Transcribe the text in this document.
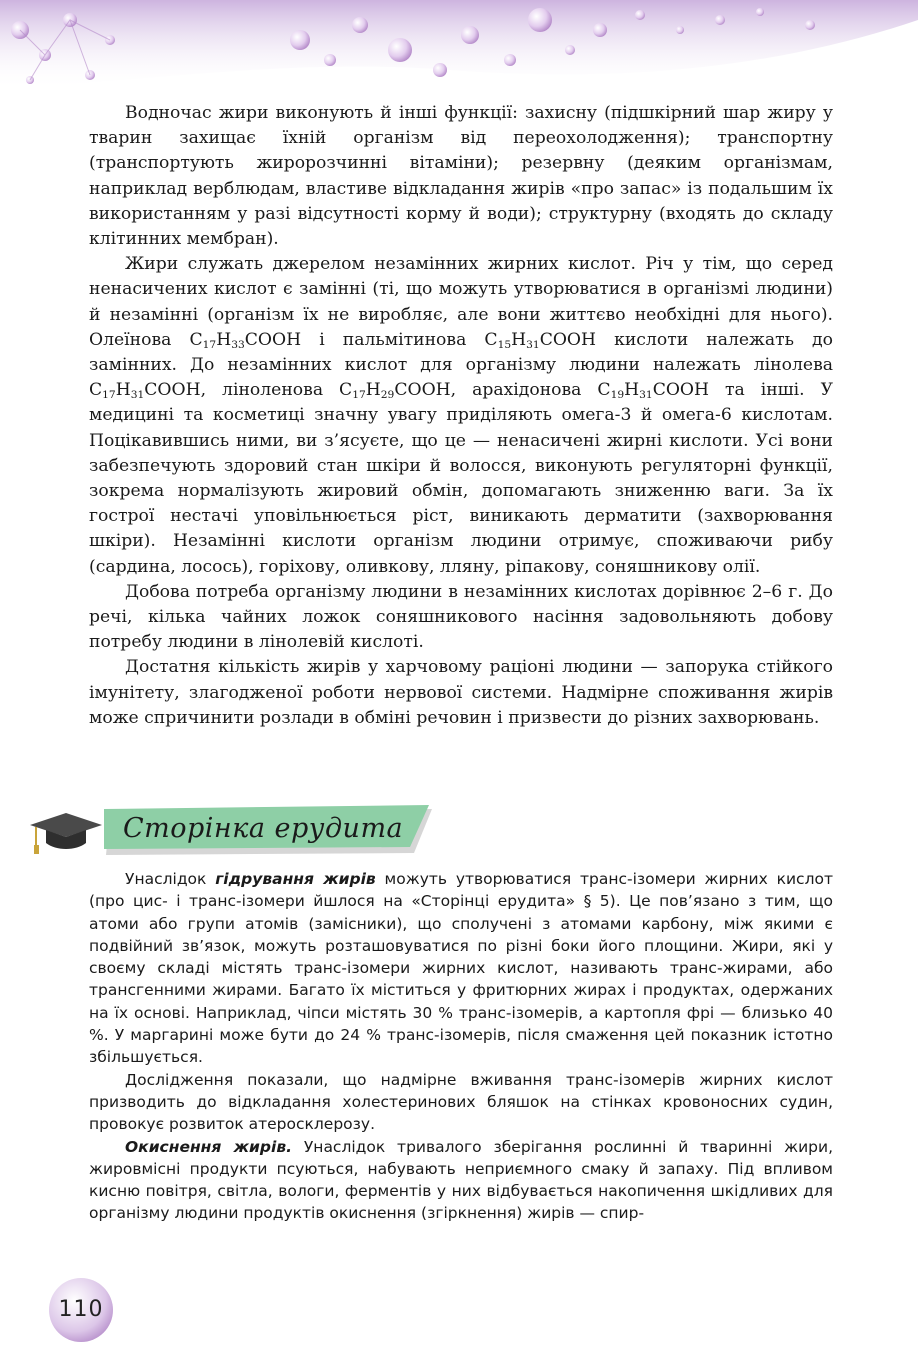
Водночас жири виконують й інші функції: захисну (підшкірний шар жиру у тварин захищає їхній організм від переохолодження); транспортну (транспортують жиророзчинні вітаміни); резервну (деяким організмам, наприклад верблюдам, властиве відкладання жирів «про запас» із подальшим їх використанням у разі відсутності корму й води); структурну (входять до складу клітинних мембран).

Жири служать джерелом незамінних жирних кислот. Річ у тім, що серед ненасичених кислот є замінні (ті, що можуть утворюватися в організмі людини) й незамінні (організм їх не виробляє, але вони життєво необхідні для нього). Олеїнова $C_{17}H_{33}COOH$ і пальмітинова $C_{15}H_{31}COOH$ кислоти належать до замінних. До незамінних кислот для організму людини належать лінолева $C_{17}H_{31}COOH$, ліноленова $C_{17}H_{29}COOH$, арахідонова $C_{19}H_{31}COOH$ та інші. У медицині та косметиці значну увагу приділяють омега-3 й омега-6 кислотам. Поцікавившись ними, ви з’ясуєте, що це — ненасичені жирні кислоти. Усі вони забезпечують здоровий стан шкіри й волосся, виконують регуляторні функції, зокрема нормалізують жировий обмін, допомагають зниженню ваги. За їх гострої нестачі уповільнюється ріст, виникають дерматити (захворювання шкіри). Незамінні кислоти організм людини отримує, споживаючи рибу (сардина, лосось), горіхову, оливкову, лляну, ріпакову, соняшникову олії.

Добова потреба організму людини в незамінних кислотах дорівнює 2–6 г. До речі, кілька чайних ложок соняшникового насіння задовольняють добову потребу людини в лінолевій кислоті.

Достатня кількість жирів у харчовому раціоні людини — запорука стійкого імунітету, злагодженої роботи нервової системи. Надмірне споживання жирів може спричинити розлади в обміні речовин і призвести до різних захворювань.

Сторінка ерудита

Унаслідок гідрування жирів можуть утворюватися транс-ізомери жирних кислот (про цис- і транс-ізомери йшлося на «Сторінці ерудита» § 5). Це пов’язано з тим, що атоми або групи атомів (замісники), що сполучені з атомами карбону, між якими є подвійний зв’язок, можуть розташовуватися по різні боки його площини. Жири, які у своєму складі містять транс-ізомери жирних кислот, називають транс-жирами, або трансгенними жирами. Багато їх міститься у фритюрних жирах і продуктах, одержаних на їх основі. Наприклад, чіпси містять 30 % транс-ізомерів, а картопля фрі — близько 40 %. У маргарині може бути до 24 % транс-ізомерів, після смаження цей показник істотно збільшується.

Дослідження показали, що надмірне вживання транс-ізомерів жирних кислот призводить до відкладання холестеринових бляшок на стінках кровоносних судин, провокує розвиток атеросклерозу.

Окиснення жирів. Унаслідок тривалого зберігання рослинні й тваринні жири, жировмісні продукти псуються, набувають неприємного смаку й запаху. Під впливом кисню повітря, світла, вологи, ферментів у них відбувається накопичення шкідливих для організму людини продуктів окиснення (згіркнення) жирів — спир-

110
